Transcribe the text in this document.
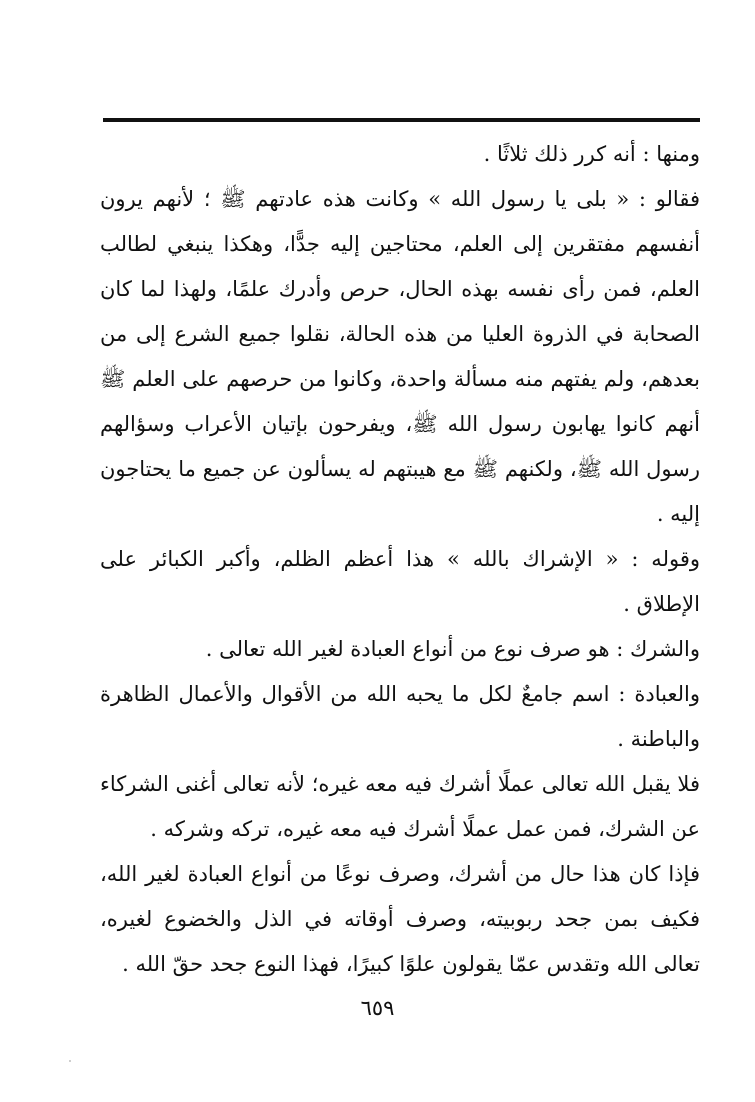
ومنها : أنه كرر ذلك ثلاثًا .

فقالو : « بلى يا رسول الله » وكانت هذه عادتهم ﷺ ؛ لأنهم يرون أنفسهم مفتقرين إلى العلم، محتاجين إليه جدًّا، وهكذا ينبغي لطالب العلم، فمن رأى نفسه بهذه الحال، حرص وأدرك علمًا، ولهذا لما كان الصحابة في الذروة العليا من هذه الحالة، نقلوا جميع الشرع إلى من بعدهم، ولم يفتهم منه مسألة واحدة، وكانوا من حرصهم على العلم ﷺ أنهم كانوا يهابون رسول الله ﷺ، ويفرحون بإتيان الأعراب وسؤالهم رسول الله ﷺ، ولكنهم ﷺ مع هيبتهم له يسألون عن جميع ما يحتاجون إليه .

وقوله : « الإشراك بالله » هذا أعظم الظلم، وأكبر الكبائر على الإطلاق .

والشرك : هو صرف نوع من أنواع العبادة لغير الله تعالى .

والعبادة : اسم جامعٌ لكل ما يحبه الله من الأقوال والأعمال الظاهرة والباطنة .

فلا يقبل الله تعالى عملًا أشرك فيه معه غيره؛ لأنه تعالى أغنى الشركاء عن الشرك، فمن عمل عملًا أشرك فيه معه غيره، تركه وشركه .

فإذا كان هذا حال من أشرك، وصرف نوعًا من أنواع العبادة لغير الله، فكيف بمن جحد ربوبيته، وصرف أوقاته في الذل والخضوع لغيره، تعالى الله وتقدس عمّا يقولون علوًا كبيرًا، فهذا النوع جحد حقّ الله .

٦٥٩
